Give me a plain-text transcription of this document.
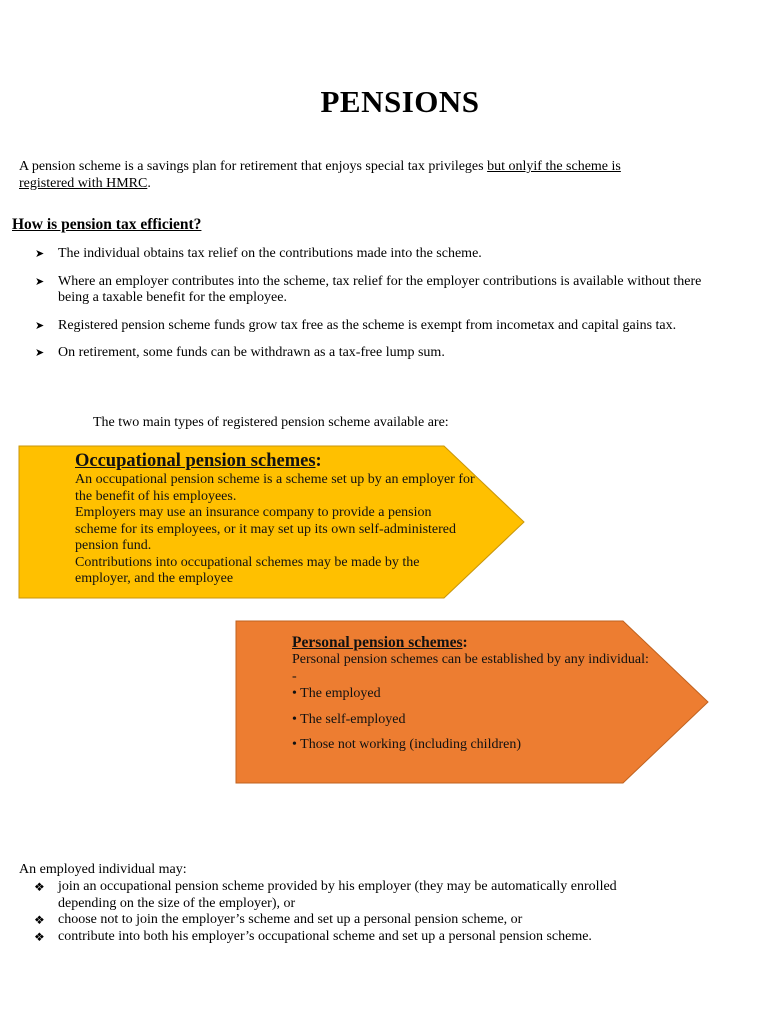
PENSIONS
A pension scheme is a savings plan for retirement that enjoys special tax privileges but onlyif the scheme is registered with HMRC.
How is pension tax efficient?
➤ The individual obtains tax relief on the contributions made into the scheme.
➤ Where an employer contributes into the scheme, tax relief for the employer contributions is available without there being a taxable benefit for the employee.
➤ Registered pension scheme funds grow tax free as the scheme is exempt from incometax and capital gains tax.
➤ On retirement, some funds can be withdrawn as a tax-free lump sum.
The two main types of registered pension scheme available are:
Occupational pension schemes:
An occupational pension scheme is a scheme set up by an employer for the benefit of his employees.
Employers may use an insurance company to provide a pension scheme for its employees, or it may set up its own self-administered pension fund.
Contributions into occupational schemes may be made by the employer, and the employee
Personal pension schemes:
Personal pension schemes can be established by any individual: -
• The employed
• The self-employed
• Those not working (including children)
An employed individual may:
❖ join an occupational pension scheme provided by his employer (they may be automatically enrolled depending on the size of the employer), or
❖ choose not to join the employer’s scheme and set up a personal pension scheme, or
❖ contribute into both his employer’s occupational scheme and set up a personal pension scheme.
